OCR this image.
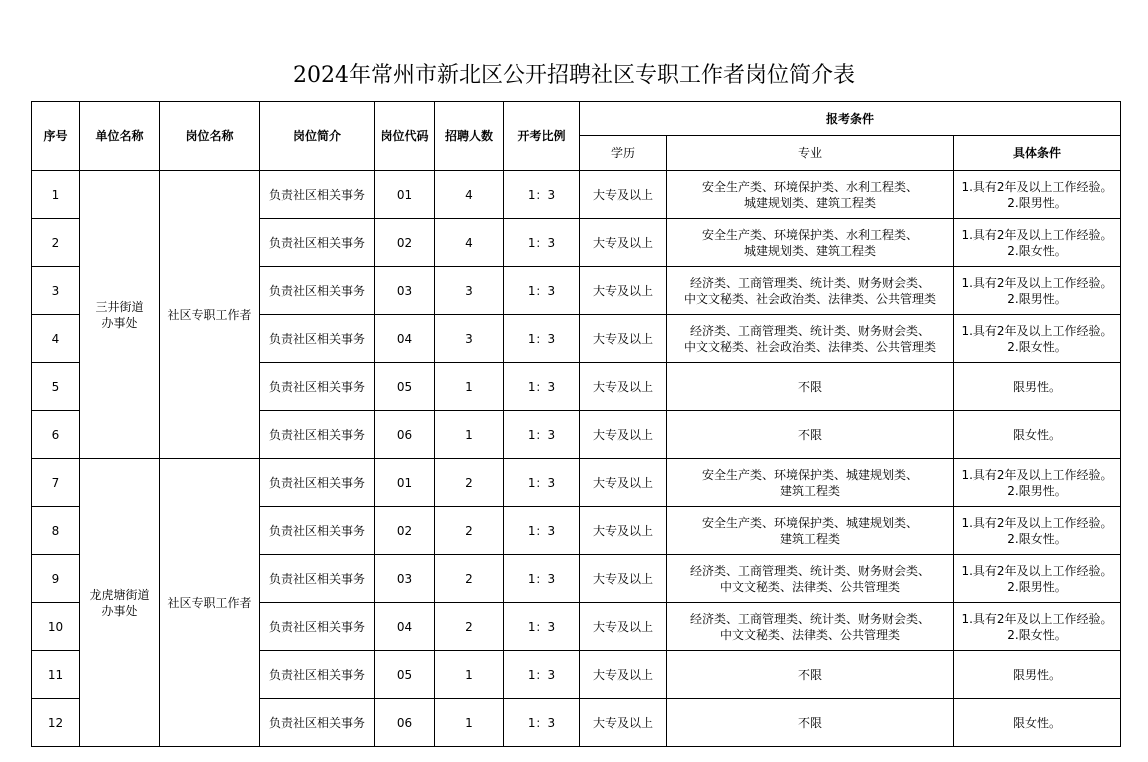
2024年常州市新北区公开招聘社区专职工作者岗位简介表
序号	单位名称	岗位名称	岗位简介	岗位代码	招聘人数	开考比例	报考条件		
							学历	专业	具体条件
1	三井街道
办事处	社区专职工作者	负责社区相关事务	01	4	1：3	大专及以上	安全生产类、环境保护类、水利工程类、
城建规划类、建筑工程类	1.具有2年及以上工作经验。
2.限男性。
2			负责社区相关事务	02	4	1：3	大专及以上	安全生产类、环境保护类、水利工程类、
城建规划类、建筑工程类	1.具有2年及以上工作经验。
2.限女性。
3			负责社区相关事务	03	3	1：3	大专及以上	经济类、工商管理类、统计类、财务财会类、
中文文秘类、社会政治类、法律类、公共管理类	1.具有2年及以上工作经验。
2.限男性。
4			负责社区相关事务	04	3	1：3	大专及以上	经济类、工商管理类、统计类、财务财会类、
中文文秘类、社会政治类、法律类、公共管理类	1.具有2年及以上工作经验。
2.限女性。
5			负责社区相关事务	05	1	1：3	大专及以上	不限	限男性。
6			负责社区相关事务	06	1	1：3	大专及以上	不限	限女性。
7	龙虎塘街道
办事处	社区专职工作者	负责社区相关事务	01	2	1：3	大专及以上	安全生产类、环境保护类、城建规划类、
建筑工程类	1.具有2年及以上工作经验。
2.限男性。
8			负责社区相关事务	02	2	1：3	大专及以上	安全生产类、环境保护类、城建规划类、
建筑工程类	1.具有2年及以上工作经验。
2.限女性。
9			负责社区相关事务	03	2	1：3	大专及以上	经济类、工商管理类、统计类、财务财会类、
中文文秘类、法律类、公共管理类	1.具有2年及以上工作经验。
2.限男性。
10			负责社区相关事务	04	2	1：3	大专及以上	经济类、工商管理类、统计类、财务财会类、
中文文秘类、法律类、公共管理类	1.具有2年及以上工作经验。
2.限女性。
11			负责社区相关事务	05	1	1：3	大专及以上	不限	限男性。
12			负责社区相关事务	06	1	1：3	大专及以上	不限	限女性。
